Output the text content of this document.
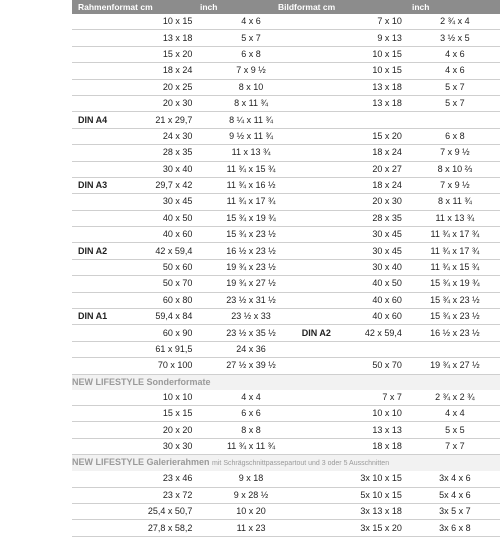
Rahmenformat cm	inch	Bildformat cm	inch
	10 x 15	4 x 6		7 x 10	2 ¾ x 4
	13 x 18	5 x 7		9 x 13	3 ½ x 5
	15 x 20	6 x 8		10 x 15	4 x 6
	18 x 24	7 x 9 ½		10 x 15	4 x 6
	20 x 25	8 x 10		13 x 18	5 x 7
	20 x 30	8 x 11 ¾		13 x 18	5 x 7
DIN A4	21 x 29,7	8 ¼ x 11 ¾			
	24 x 30	9 ½ x 11 ¾		15 x 20	6 x 8
	28 x 35	11 x 13 ¾		18 x 24	7 x 9 ½
	30 x 40	11 ¾ x 15 ¾		20 x 27	8 x 10 ⅔
DIN A3	29,7 x 42	11 ¾ x 16 ½		18 x 24	7 x 9 ½
	30 x 45	11 ¾ x 17 ¾		20 x 30	8 x 11 ¾
	40 x 50	15 ¾ x 19 ¾		28 x 35	11 x 13 ¾
	40 x 60	15 ¾ x 23 ½		30 x 45	11 ¾ x 17 ¾
DIN A2	42 x 59,4	16 ½ x 23 ½		30 x 45	11 ¾ x 17 ¾
	50 x 60	19 ¾ x 23 ½		30 x 40	11 ¾ x 15 ¾
	50 x 70	19 ¾ x 27 ½		40 x 50	15 ¾ x 19 ¾
	60 x 80	23 ½ x 31 ½		40 x 60	15 ¾ x 23 ½
DIN A1	59,4 x 84	23 ½ x 33		40 x 60	15 ¾ x 23 ½
	60 x 90	23 ½ x 35 ½	DIN A2	42 x 59,4	16 ½ x 23 ½
	61 x 91,5	24 x 36			
	70 x 100	27 ½ x 39 ½		50 x 70	19 ¾ x 27 ½
NEW LIFESTYLE Sonderformate					
	10 x 10	4 x 4		7 x 7	2 ¾ x 2 ¾
	15 x 15	6 x 6		10 x 10	4 x 4
	20 x 20	8 x 8		13 x 13	5 x 5
	30 x 30	11 ¾ x 11 ¾		18 x 18	7 x 7
NEW LIFESTYLE Galerierahmen mit Schrägschnittpassepartout und 3 oder 5 Ausschnitten					
	23 x 46	9 x 18		3x 10 x 15	3x 4 x 6
	23 x 72	9 x 28 ½		5x 10 x 15	5x 4 x 6
	25,4 x 50,7	10 x 20		3x 13 x 18	3x 5 x 7
	27,8 x 58,2	11 x 23		3x 15 x 20	3x 6 x 8
